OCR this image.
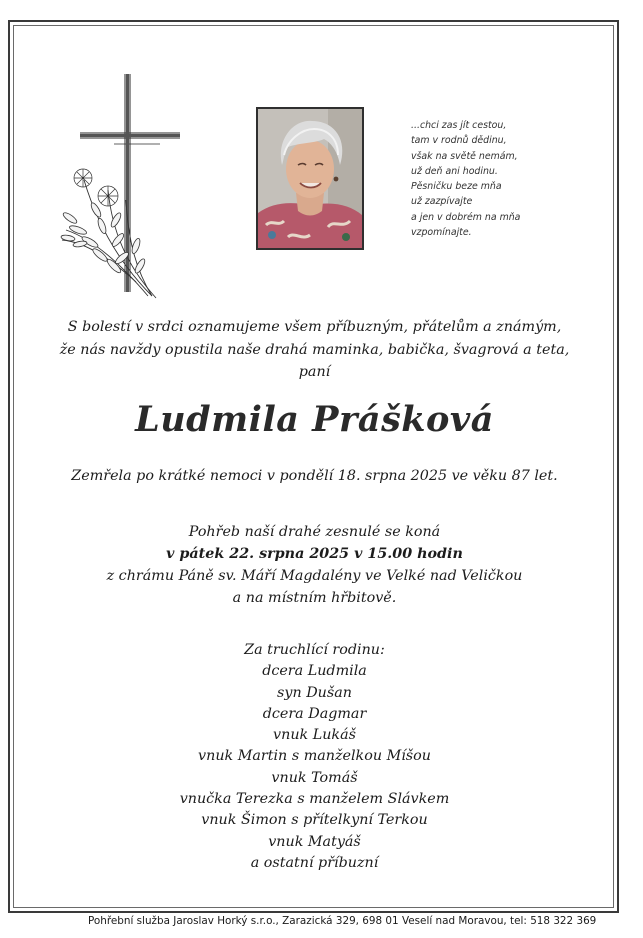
...chci zas jít cestou,
tam v rodnů dědinu,
však na světě nemám,
už deň ani hodinu.
Pěsničku beze mňa
už zazpívajte
a jen v dobrém na mňa
vzpomínajte.
S bolestí v srdci oznamujeme všem příbuzným, přátelům a známým,
že nás navždy opustila naše drahá maminka, babička, švagrová a teta,
paní
Ludmila Prášková
Zemřela po krátké nemoci v pondělí 18. srpna 2025 ve věku 87 let.
Pohřeb naší drahé zesnulé se koná
v pátek 22. srpna 2025 v 15.00 hodin
z chrámu Páně sv. Máří Magdalény ve Velké nad Veličkou
a na místním hřbitově.
Za truchlící rodinu:
dcera Ludmila
syn Dušan
dcera Dagmar
vnuk Lukáš
vnuk Martin s manželkou Míšou
vnuk Tomáš
vnučka Terezka s manželem Slávkem
vnuk Šimon s přítelkyní Terkou
vnuk Matyáš
a ostatní příbuzní
Pohřební služba Jaroslav Horký s.r.o., Zarazická 329, 698 01 Veselí nad Moravou, tel: 518 322 369
